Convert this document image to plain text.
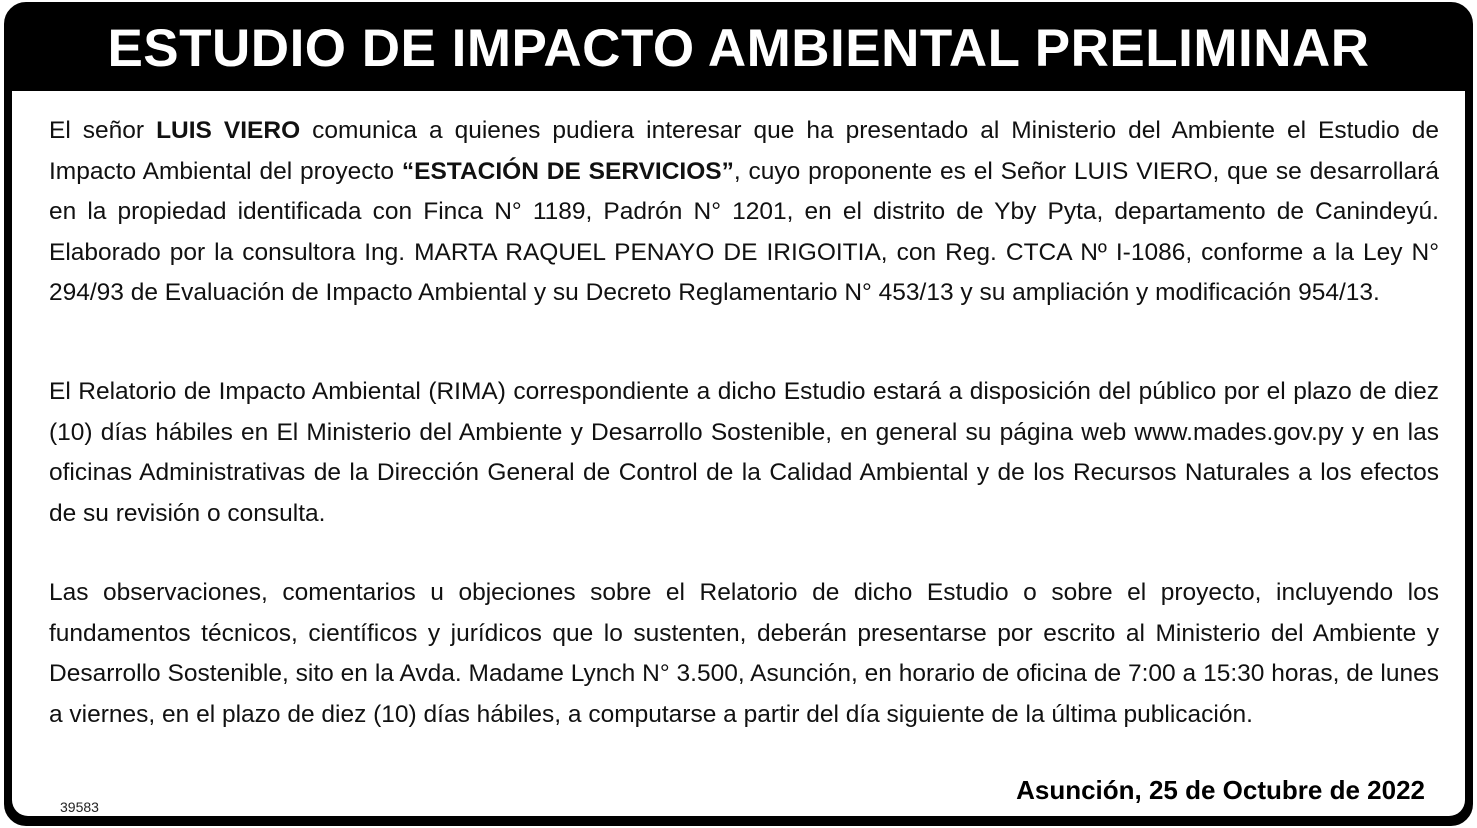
ESTUDIO DE IMPACTO AMBIENTAL PRELIMINAR

El señor LUIS VIERO comunica a quienes pudiera interesar que ha presentado al Ministerio del Ambiente el Estudio de Impacto Ambiental del proyecto “ESTACIÓN DE SERVICIOS”, cuyo proponente es el Señor LUIS VIERO, que se desarrollará en la propiedad identificada con Finca N° 1189, Padrón N° 1201, en el distrito de Yby Pyta, departamento de Canindeyú. Elaborado por la consultora Ing. MARTA RAQUEL PENAYO DE IRIGOITIA, con Reg. CTCA Nº I-1086, conforme a la Ley N° 294/93 de Evaluación de Impacto Ambiental y su Decreto Reglamentario N° 453/13 y su ampliación y modificación 954/13.

El Relatorio de Impacto Ambiental (RIMA) correspondiente a dicho Estudio estará a disposición del público por el plazo de diez (10) días hábiles en El Ministerio del Ambiente y Desarrollo Sostenible, en general su página web www.mades.gov.py y en las oficinas Administrativas de la Dirección General de Control de la Calidad Ambiental y de los Recursos Naturales a los efectos de su revisión o consulta.

Las observaciones, comentarios u objeciones sobre el Relatorio de dicho Estudio o sobre el proyecto, incluyendo los fundamentos técnicos, científicos y jurídicos que lo sustenten, deberán presentarse por escrito al Ministerio del Ambiente y Desarrollo Sostenible, sito en la Avda. Madame Lynch N° 3.500, Asunción, en horario de oficina de 7:00 a 15:30 horas, de lunes a viernes, en el plazo de diez (10) días hábiles, a computarse a partir del día siguiente de la última publicación.

Asunción, 25 de Octubre de 2022
39583
